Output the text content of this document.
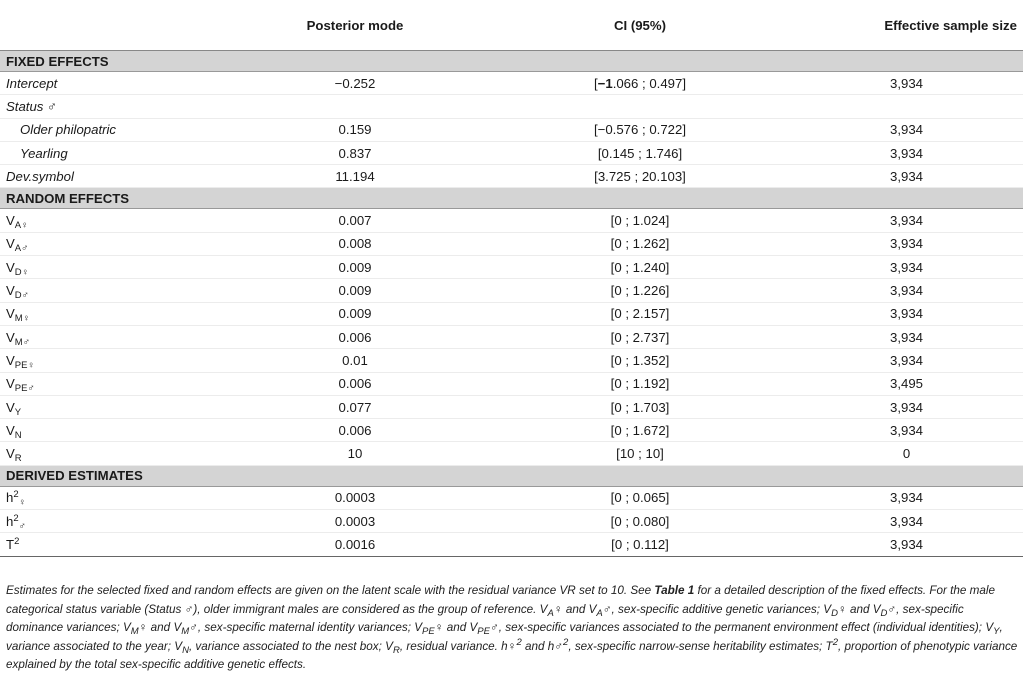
	Posterior mode	CI (95%)	Effective sample size
FIXED EFFECTS			
Intercept	−0.252	[−1.066 ; 0.497]	3,934
Status ♂			
Older philopatric	0.159	[−0.576 ; 0.722]	3,934
Yearling	0.837	[0.145 ; 1.746]	3,934
Dev.symbol	11.194	[3.725 ; 20.103]	3,934
RANDOM EFFECTS			
$V_{A♀}$	0.007	[0 ; 1.024]	3,934
$V_{A♂}$	0.008	[0 ; 1.262]	3,934
$V_{D♀}$	0.009	[0 ; 1.240]	3,934
$V_{D♂}$	0.009	[0 ; 1.226]	3,934
$V_{M♀}$	0.009	[0 ; 2.157]	3,934
$V_{M♂}$	0.006	[0 ; 2.737]	3,934
$V_{PE♀}$	0.01	[0 ; 1.352]	3,934
$V_{PE♂}$	0.006	[0 ; 1.192]	3,495
$V_Y$	0.077	[0 ; 1.703]	3,934
$V_N$	0.006	[0 ; 1.672]	3,934
$V_R$	10	[10 ; 10]	0
DERIVED ESTIMATES			
$h^2_♀$	0.0003	[0 ; 0.065]	3,934
$h^2_♂$	0.0003	[0 ; 0.080]	3,934
$T^2$	0.0016	[0 ; 0.112]	3,934
Estimates for the selected fixed and random effects are given on the latent scale with the residual variance VR set to 10. See Table 1 for a detailed description of the fixed effects. For the male categorical status variable (Status ♂), older immigrant males are considered as the group of reference. $V_A♀$ and $V_A♂$, sex-specific additive genetic variances; $V_D♀$ and $V_D♂$, sex-specific dominance variances; $V_M♀$ and $V_M♂$, sex-specific maternal identity variances; $V_{PE}♀$ and $V_{PE}♂$, sex-specific variances associated to the permanent environment effect (individual identities); $V_Y$, variance associated to the year; $V_N$, variance associated to the nest box; $V_R$, residual variance. h♀$^2$ and h♂$^2$, sex-specific narrow-sense heritability estimates; $T^2$, proportion of phenotypic variance explained by the total sex-specific additive genetic effects.
